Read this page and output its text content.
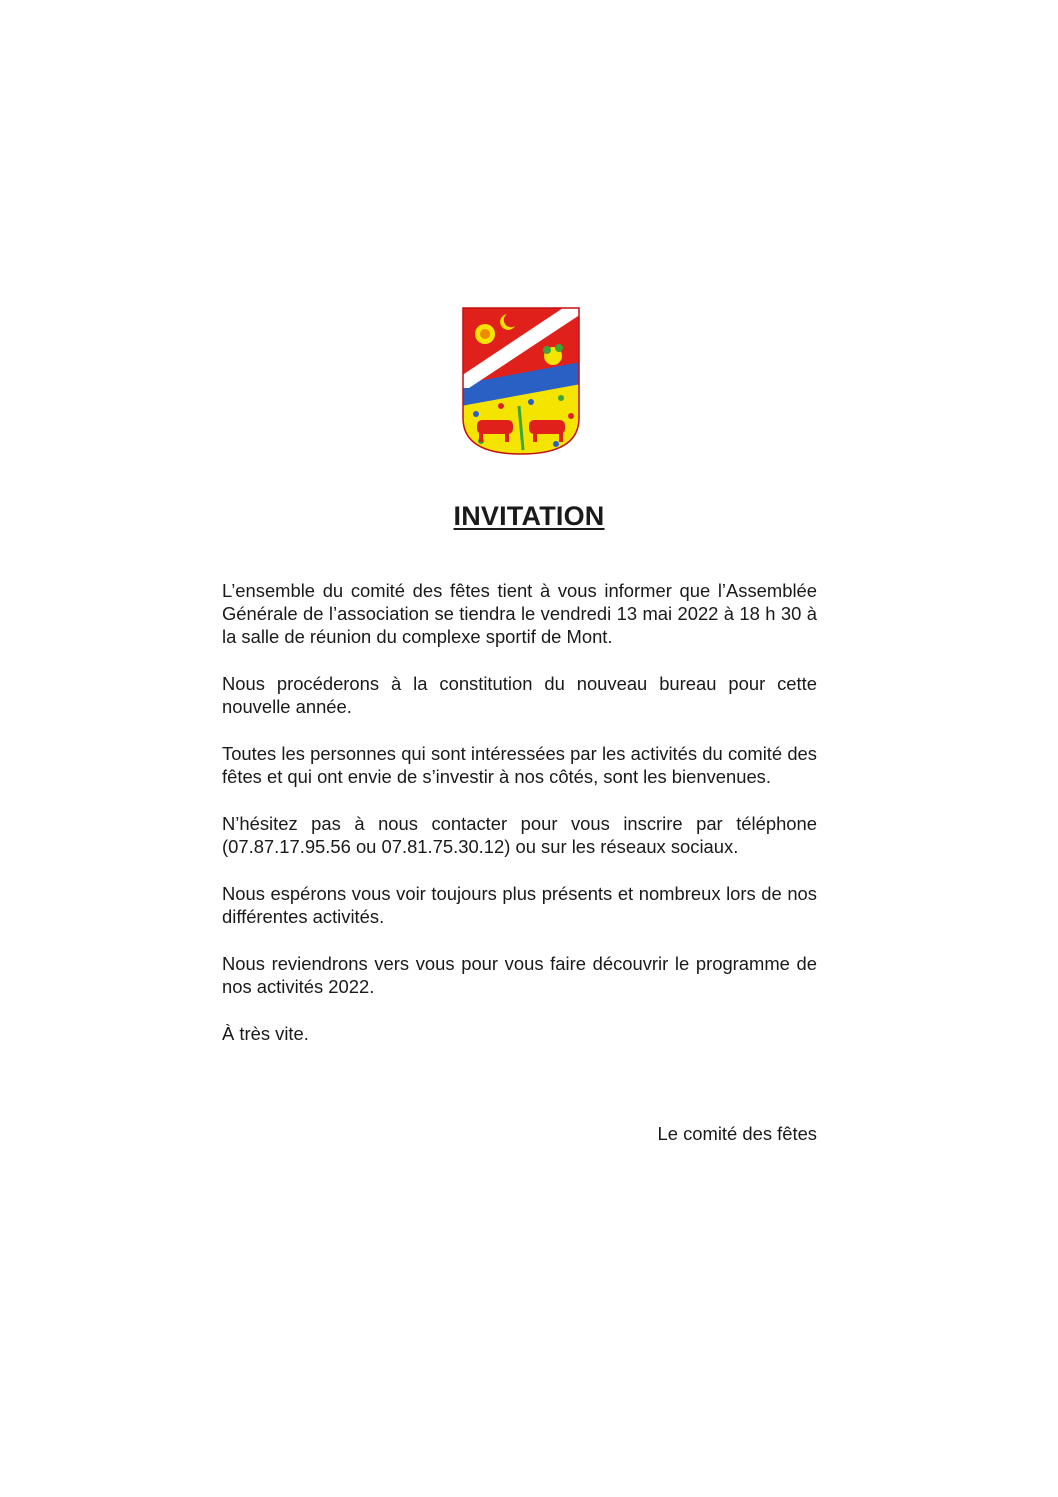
INVITATION

L’ensemble du comité des fêtes tient à vous informer que l’Assemblée Générale de l’association se tiendra le vendredi 13 mai 2022 à 18 h 30 à la salle de réunion du complexe sportif de Mont.

Nous procéderons à la constitution du nouveau bureau pour cette nouvelle année.

Toutes les personnes qui sont intéressées par les activités du comité des fêtes et qui ont envie de s’investir à nos côtés, sont les bienvenues.

N’hésitez pas à nous contacter pour vous inscrire par téléphone (07.87.17.95.56 ou 07.81.75.30.12) ou sur les réseaux sociaux.

Nous espérons vous voir toujours plus présents et nombreux lors de nos différentes activités.

Nous reviendrons vers vous pour vous faire découvrir le programme de nos activités 2022.

À très vite.

Le comité des fêtes
